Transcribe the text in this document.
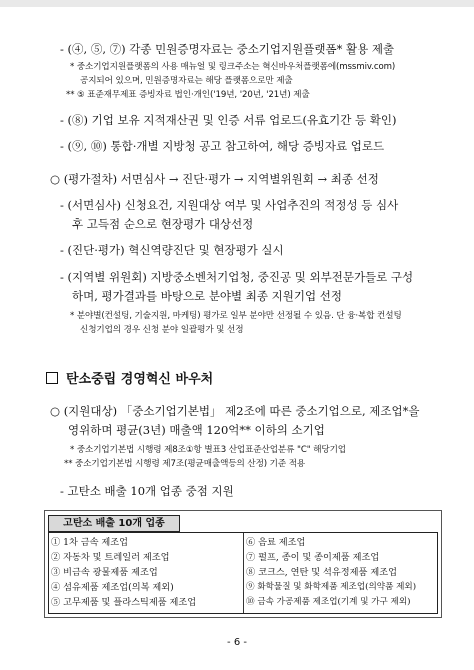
- (④, ⑤, ⑦) 각종 민원증명자료는 중소기업지원플랫폼* 활용 제출
* 중소기업지원플랫폼의 사용 매뉴얼 및 링크주소는 혁신바우처플랫폼에(mssmiv.com)
공지되어 있으며, 민원증명자료는 해당 플랫폼으로만 제출
** ⑤ 표준재무제표 증빙자료 법인·개인('19년, '20년, '21년) 제출
- (⑧) 기업 보유 지적재산권 및 인증 서류 업로드(유효기간 등 확인)
- (⑨, ⑩) 통합·개별 지방청 공고 참고하여, 해당 증빙자료 업로드
○ (평가절차) 서면심사 → 진단·평가 → 지역별위원회 → 최종 선정
- (서면심사) 신청요건, 지원대상 여부 및 사업추진의 적정성 등 심사
후 고득점 순으로 현장평가 대상선정
- (진단·평가) 혁신역량진단 및 현장평가 실시
- (지역별 위원회) 지방중소벤처기업청, 중진공 및 외부전문가들로 구성
하며, 평가결과를 바탕으로 분야별 최종 지원기업 선정
* 분야별(컨설팅, 기술지원, 마케팅) 평가로 일부 분야만 선정될 수 있음. 단 융·복합 컨설팅
신청기업의 경우 신청 분야 일괄평가 및 선정
탄소중립 경영혁신 바우처
○ (지원대상) 「중소기업기본법」 제2조에 따른 중소기업으로, 제조업*을
영위하며 평균(3년) 매출액 120억** 이하의 소기업
* 중소기업기본법 시행령 제8조①항 별표3 산업표준산업분류 "C" 해당기업
** 중소기업기본법 시행령 제7조(평균매출액등의 산정) 기준 적용
- 고탄소 배출 10개 업종 중점 지원
고탄소 배출 10개 업종
① 1차 금속 제조업
② 자동차 및 트레일러 제조업
③ 비금속 광물제품 제조업
④ 섬유제품 제조업(의복 제외)
⑤ 고무제품 및 플라스틱제품 제조업
⑥ 음료 제조업
⑦ 펄프, 종이 및 종이제품 제조업
⑧ 코크스, 연탄 및 석유정제품 제조업
⑨ 화학물질 및 화학제품 제조업(의약품 제외)
⑩ 금속 가공제품 제조업(기계 및 가구 제외)
- 6 -
